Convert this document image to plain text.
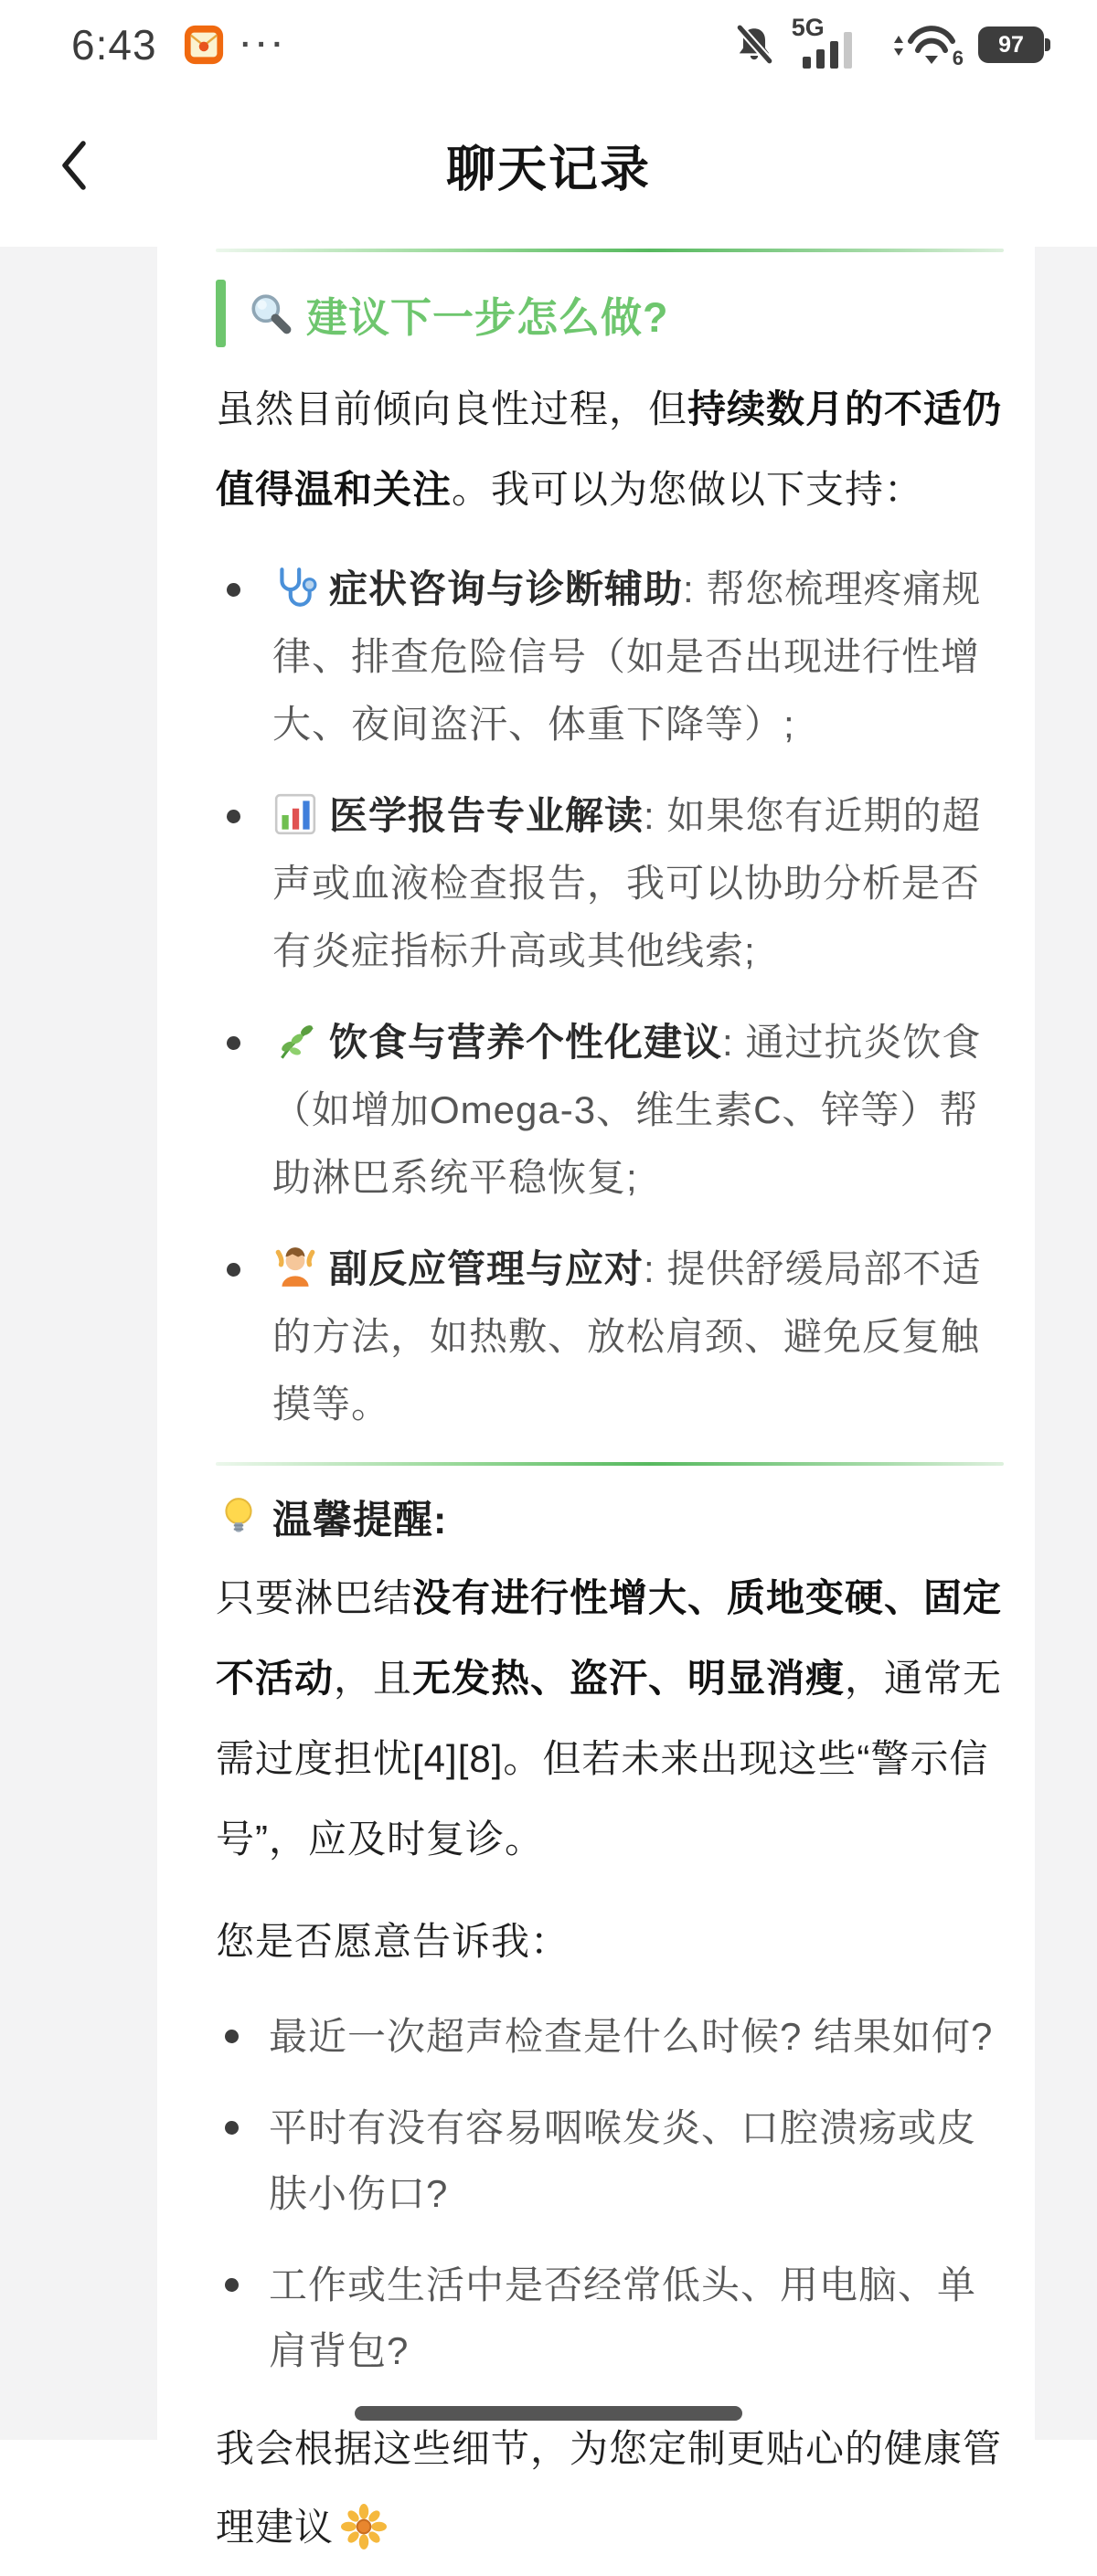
6:43	···	5G
6
97
聊天记录
建议下一步怎么做?

虽然目前倾向良性过程，但持续数月的不适仍值得温和关注。我可以为您做以下支持：

症状咨询与诊断辅助: 帮您梳理疼痛规律、排查危险信号（如是否出现进行性增大、夜间盗汗、体重下降等）;
医学报告专业解读: 如果您有近期的超声或血液检查报告，我可以协助分析是否有炎症指标升高或其他线索;
饮食与营养个性化建议: 通过抗炎饮食（如增加Omega-3、维生素C、锌等）帮助淋巴系统平稳恢复;
副反应管理与应对: 提供舒缓局部不适的方法，如热敷、放松肩颈、避免反复触摸等。
温馨提醒:

只要淋巴结没有进行性增大、质地变硬、固定不活动，且无发热、盗汗、明显消瘦，通常无需过度担忧[4][8]。但若未来出现这些“警示信号”，应及时复诊。

您是否愿意告诉我：

最近一次超声检查是什么时候? 结果如何?
平时有没有容易咽喉发炎、口腔溃疡或皮肤小伤口?
工作或生活中是否经常低头、用电脑、单肩背包?

我会根据这些细节，为您定制更贴心的健康管理建议
